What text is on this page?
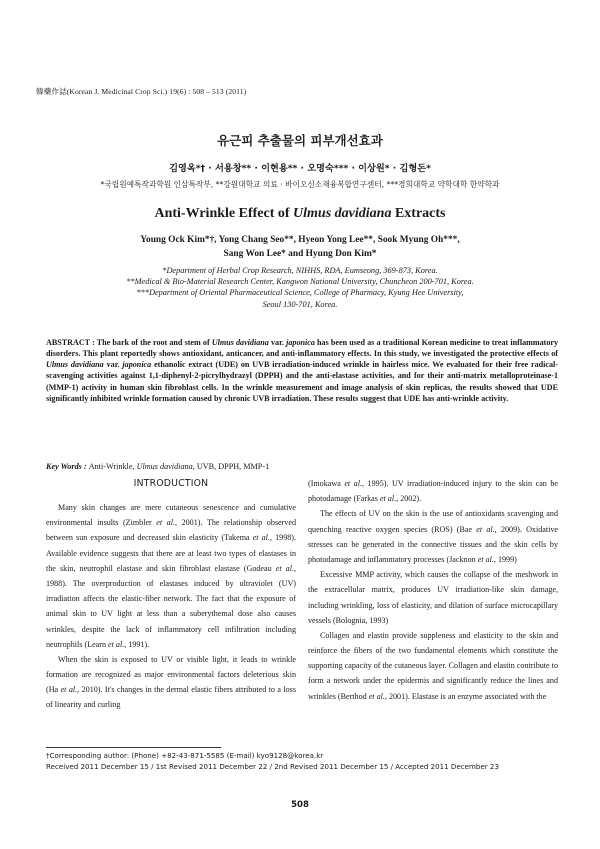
韓藥作誌(Korean J. Medicinal Crop Sci.) 19(6) : 508 – 513 (2011)
유근피 추출물의 피부개선효과
김영옥*† · 서용창** · 이현용** · 오명숙*** · 이상원* · 김형돈*
*국립원예특작과학원 인삼특작부, **강원대학교 의료 · 바이오신소재융복합연구센터, ***경희대학교 약학대학 한약학과
Anti-Wrinkle Effect of Ulmus davidiana Extracts
Young Ock Kim*†, Yong Chang Seo**, Hyeon Yong Lee**, Sook Myung Oh***,
Sang Won Lee* and Hyung Don Kim*
*Department of Herbal Crop Research, NIHHS, RDA, Eumseong, 369-873, Korea.
**Medical & Bio-Material Research Center, Kangwon National University, Chuncheon 200-701, Korea.
***Department of Oriental Pharmaceutical Science, College of Pharmacy, Kyung Hee University,
Seoul 130-701, Korea.
ABSTRACT : The bark of the root and stem of Ulmus davidiana var. japonica has been used as a traditional Korean medicine to treat inflammatory disorders. This plant reportedly shows antioxidant, anticancer, and anti-inflammatory effects. In this study, we investigated the protective effects of Ulmus davidiana var. japonica ethanolic extract (UDE) on UVB irradiation-induced wrinkle in hairless mice. We evaluated for their free radical-scavenging activities against 1,1-diphenyl-2-picrylhydrazyl (DPPH) and the anti-elastase activities, and for their anti-matrix metalloproteinase-1 (MMP-1) activity in human skin fibroblast cells. In the wrinkle measurement and image analysis of skin replicas, the results showed that UDE significantly inhibited wrinkle formation caused by chronic UVB irradiation. These results suggest that UDE has anti-wrinkle activity.
Key Words : Anti-Wrinkle, Ulmus davidiana, UVB, DPPH, MMP-1
INTRODUCTION

Many skin changes are mere cutaneous senescence and cumulative environmental insults (Zimbler et al., 2001). The relationship observed between sun exposure and decreased skin elasticity (Takema et al., 1998). Available evidence suggests that there are at least two types of elastases in the skin, neutrophil elastase and skin fibroblast elastase (Godeau et al., 1988). The overproduction of elastases induced by ultraviolet (UV) irradiation affects the elastic-fiber network. The fact that the exposure of animal skin to UV light at less than a suberythemal dose also causes wrinkles, despite the lack of inflammatory cell infiltration including neutrophils (Learn et al., 1991).

When the skin is exposed to UV or visible light, it leads to wrinkle formation are recognized as major environmental factors deleterious skin (Ha et al., 2010). It's changes in the dermal elastic fibers attributed to a loss of linearity and curling

(Imokawa et al., 1995). UV irradiation-induced injury to the skin can be photodamage (Farkas et al., 2002).

The effects of UV on the skin is the use of antioxidants scavenging and quenching reactive oxygen species (ROS) (Bae et al., 2009). Oxidative stresses can be generated in the connective tissues and the skin cells by photodamage and inflammatory processes (Jacknon et al., 1999)

Excessive MMP activity, which causes the collapse of the meshwork in the extracellular matrix, produces UV irradiation-like skin damage, including wrinkling, loss of elasticity, and dilation of surface microcapillary vessels (Bolognia, 1993)

Collagen and elastin provide suppleness and elasticity to the skin and reinforce the fibers of the two fundamental elements which constitute the supporting capacity of the cutaneous layer. Collagen and elastin contribute to form a network under the epidermis and significantly reduce the lines and wrinkles (Berthod et al., 2001). Elastase is an enzyme associated with the

†Corresponding author: (Phone) +82-43-871-5585 (E-mail) kyo9128@korea.kr
Received 2011 December 15 / 1st Revised 2011 December 22 / 2nd Revised 2011 December 15 / Accepted 2011 December 23
508
